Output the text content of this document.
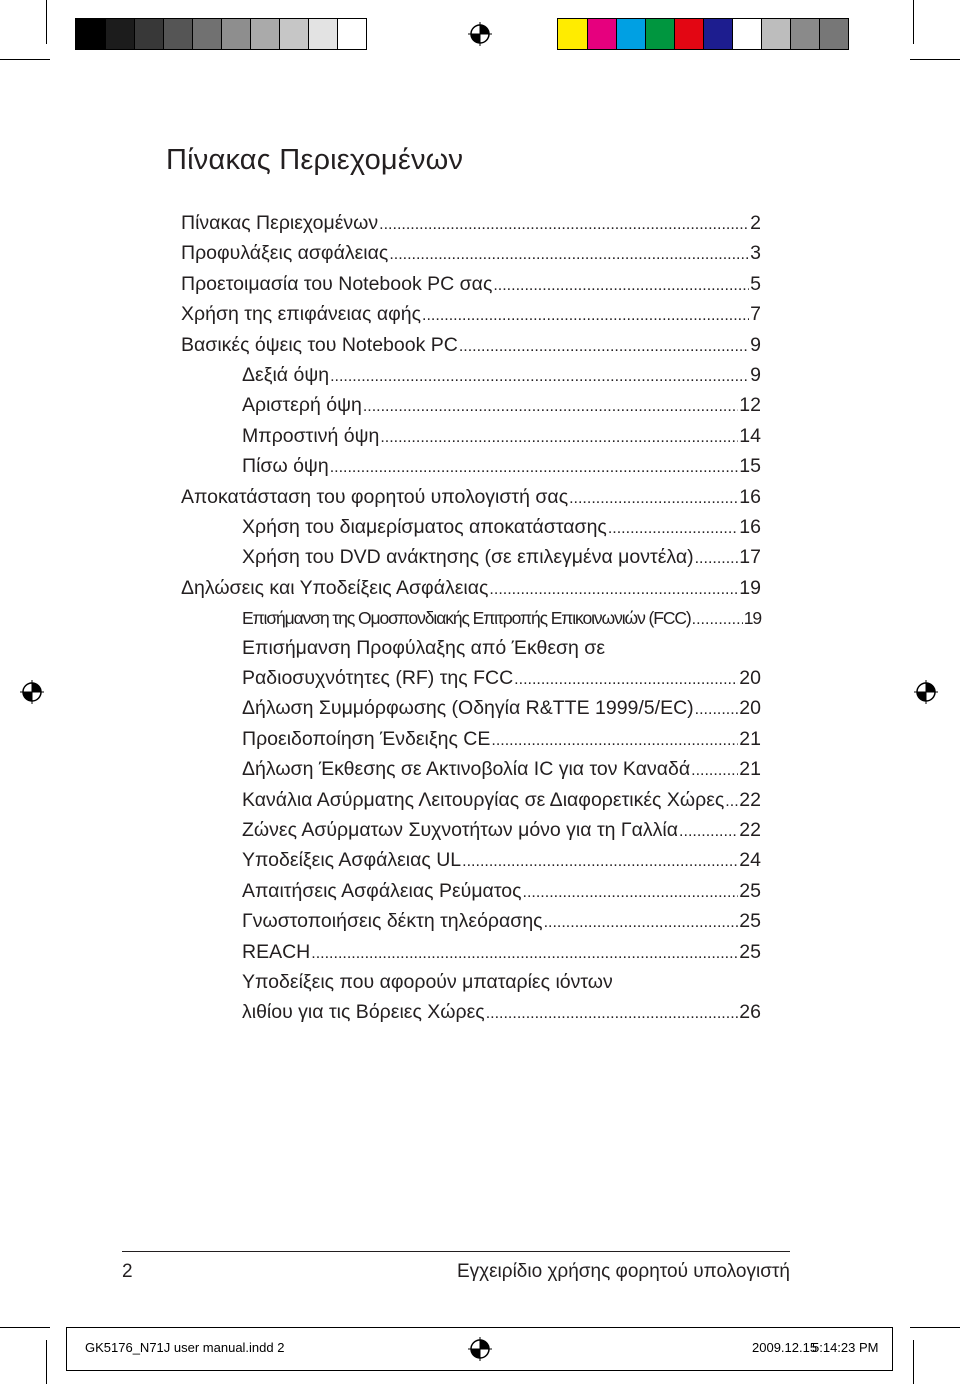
Πίνακας Περιεχομένων
Πίνακας Περιεχομένων .....	2
Προφυλάξεις ασφάλειας .....	3
Προετοιμασία του Notebook PC σας .....	5
Χρήση της επιφάνειας αφής .....	7
Βασικές όψεις του Notebook PC .....	9
Δεξιά όψη .....	9
Αριστερή όψη .....	12
Μπροστινή όψη .....	14
Πίσω όψη .....	15
Αποκατάσταση του φορητού υπολογιστή σας .....	16
Χρήση του διαμερίσματος αποκατάστασης .....	16
Χρήση του DVD ανάκτησης (σε επιλεγμένα μοντέλα) ..... 17
Δηλώσεις και Υποδείξεις Ασφάλειας .....	19
Επισήμανση της Ομοσπονδιακής Επιτροπής Επικοινωνιών (FCC) .....	19
Επισήμανση Προφύλαξης από Έκθεση σε
Ραδιοσυχνότητες (RF) της FCC .....	20
Δήλωση Συμμόρφωσης (Οδηγία R&TTE 1999/5/EC) ..... 20
Προειδοποίηση Ένδειξης CE .....	21
Δήλωση Έκθεσης σε Ακτινοβολία IC για τον Καναδά .....	21
Κανάλια Ασύρματης Λειτουργίας σε Διαφορετικές Χώρες ..... 22
Ζώνες Ασύρματων Συχνοτήτων μόνο για τη Γαλλία .....	22
Υποδείξεις Ασφάλειας UL .....	24
Απαιτήσεις Ασφάλειας Ρεύματος .....	25
Γνωστοποιήσεις δέκτη τηλεόρασης .....	25
REACH .....	25
Υποδείξεις που αφορούν μπαταρίες ιόντων
λιθίου για τις Βόρειες Χώρες .....	26
2	Εγχειρίδιο χρήσης φορητού υπολογιστή
GK5176_N71J user manual.indd 2	2009.12.15
5:14:23 PM
